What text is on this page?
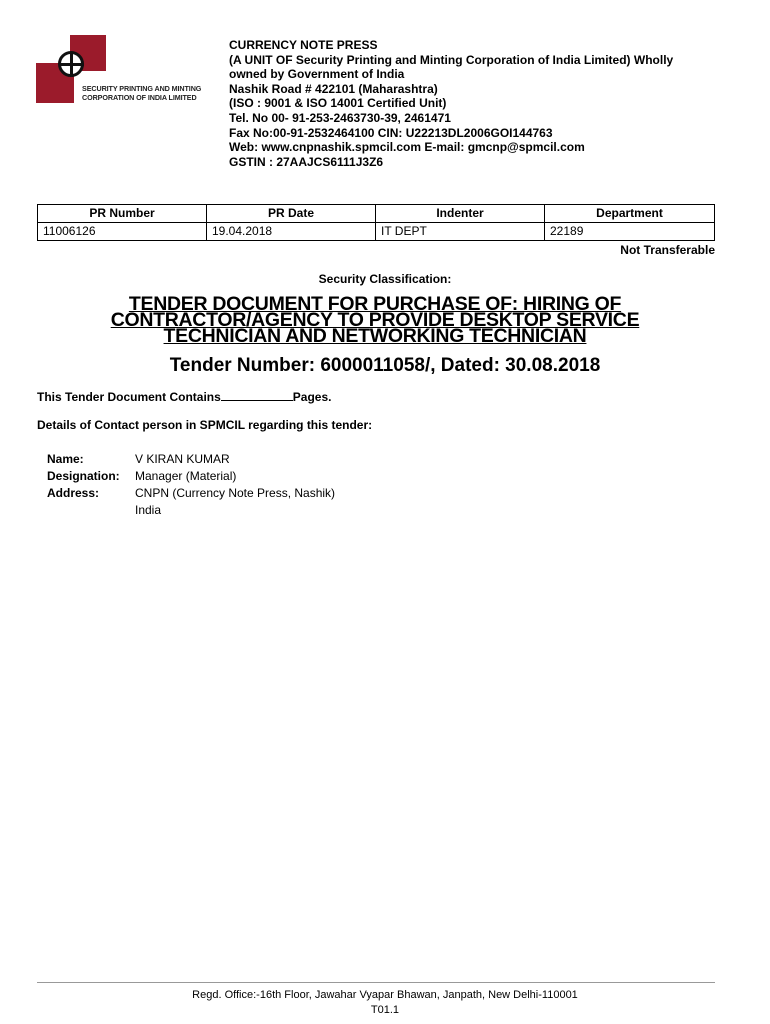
SECURITY PRINTING AND MINTING
CORPORATION OF INDIA LIMITED
CURRENCY NOTE PRESS
(A UNIT OF Security Printing and Minting Corporation of India Limited) Wholly
owned by Government of India
Nashik Road # 422101 (Maharashtra)
(ISO : 9001 & ISO 14001 Certified Unit)
Tel. No 00- 91-253-2463730-39, 2461471
Fax No:00-91-2532464100 CIN: U22213DL2006GOI144763
Web: www.cnpnashik.spmcil.com E-mail: gmcnp@spmcil.com
GSTIN : 27AAJCS6111J3Z6
PR Number	PR Date	Indenter	Department
11006126	19.04.2018	IT DEPT	22189
Not Transferable
Security Classification:
TENDER DOCUMENT FOR PURCHASE OF: HIRING OF
CONTRACTOR/AGENCY TO PROVIDE DESKTOP SERVICE
TECHNICIAN AND NETWORKING TECHNICIAN
Tender Number: 6000011058/, Dated: 30.08.2018
This Tender Document Contains	Pages.
Details of Contact person in SPMCIL regarding this tender:
Name:	V KIRAN KUMAR
Designation:	Manager (Material)
Address:	CNPN (Currency Note Press, Nashik)
India
Regd. Office:-16th Floor, Jawahar Vyapar Bhawan, Janpath, New Delhi-110001
T01.1
